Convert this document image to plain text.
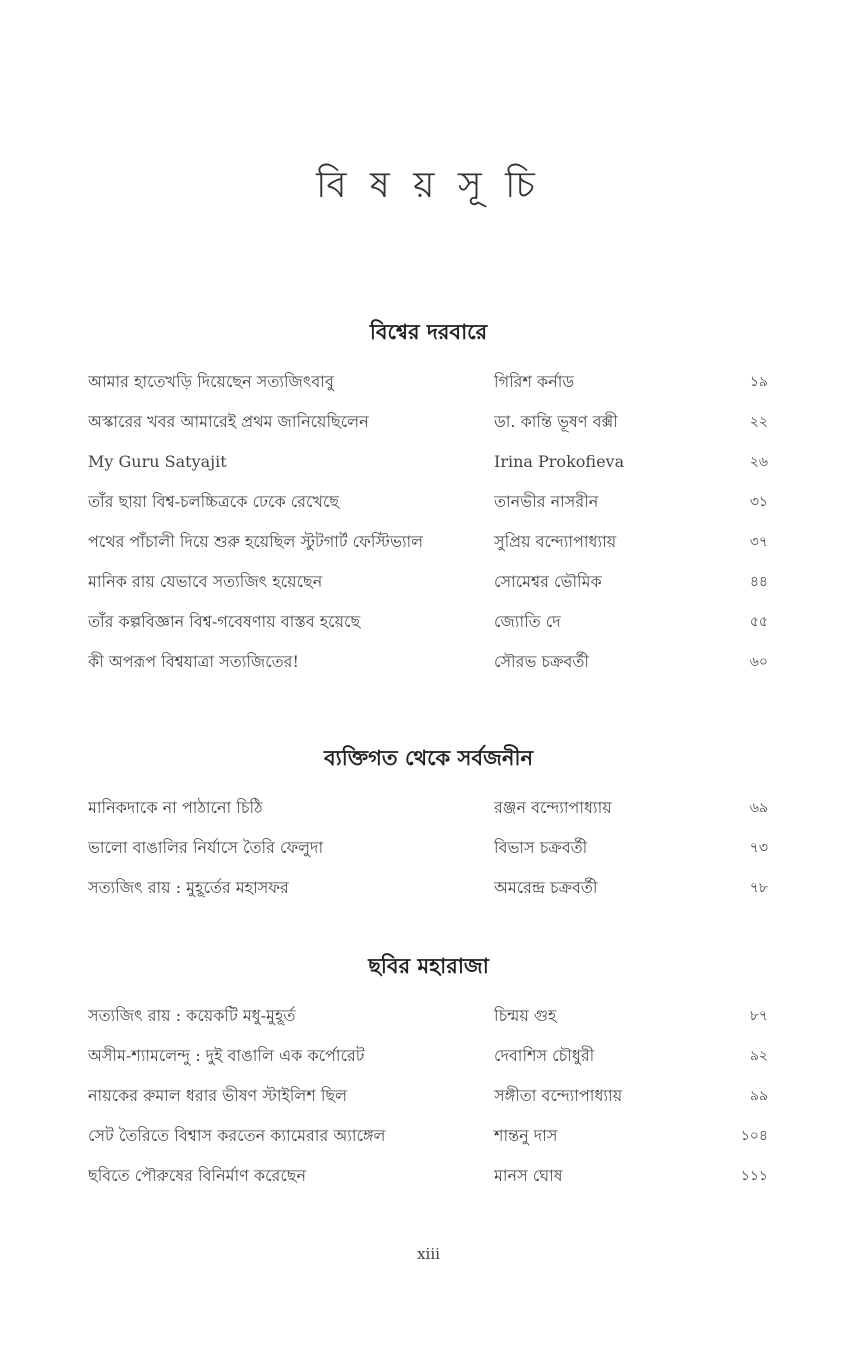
বি ষ য় সূ চি
বিশ্বের দরবারে
আমার হাতেখড়ি দিয়েছেন সত্যজিৎবাবু	গিরিশ কর্নাড	১৯
অস্কারের খবর আমারেই প্রথম জানিয়েছিলেন	ডা. কান্তি ভূষণ বক্সী	২২
My Guru Satyajit	Irina Prokofieva	২৬
তাঁর ছায়া বিশ্ব-চলচ্চিত্রকে ঢেকে রেখেছে	তানভীর নাসরীন	৩১
পথের পাঁচালী দিয়ে শুরু হয়েছিল স্টুটগার্ট ফেস্টিভ্যাল	সুপ্রিয় বন্দ্যোপাধ্যায়	৩৭
মানিক রায় যেভাবে সত্যজিৎ হয়েছেন	সোমেশ্বর ভৌমিক	৪৪
তাঁর কল্পবিজ্ঞান বিশ্ব-গবেষণায় বাস্তব হয়েছে	জ্যোতি দে	৫৫
কী অপরূপ বিশ্বযাত্রা সত্যজিতের!	সৌরভ চক্রবর্তী	৬০
ব্যক্তিগত থেকে সর্বজনীন
মানিকদাকে না পাঠানো চিঠি	রঞ্জন বন্দ্যোপাধ্যায়	৬৯
ভালো বাঙালির নির্যাসে তৈরি ফেলুদা	বিভাস চক্রবর্তী	৭৩
সত্যজিৎ রায় : মুহূর্তের মহাসফর	অমরেন্দ্র চক্রবর্তী	৭৮
ছবির মহারাজা
সত্যজিৎ রায় : কয়েকটি মধু-মুহূর্ত	চিন্ময় গুহ	৮৭
অসীম-শ্যামলেন্দু : দুই বাঙালি এক কর্পোরেট	দেবাশিস চৌধুরী	৯২
নায়কের রুমাল ধরার ভীষণ স্টাইলিশ ছিল	সঙ্গীতা বন্দ্যোপাধ্যায়	৯৯
সেট তৈরিতে বিশ্বাস করতেন ক্যামেরার অ্যাঙ্গেল	শান্তনু দাস	১০৪
ছবিতে পৌরুষের বিনির্মাণ করেছেন	মানস ঘোষ	১১১
xiii
